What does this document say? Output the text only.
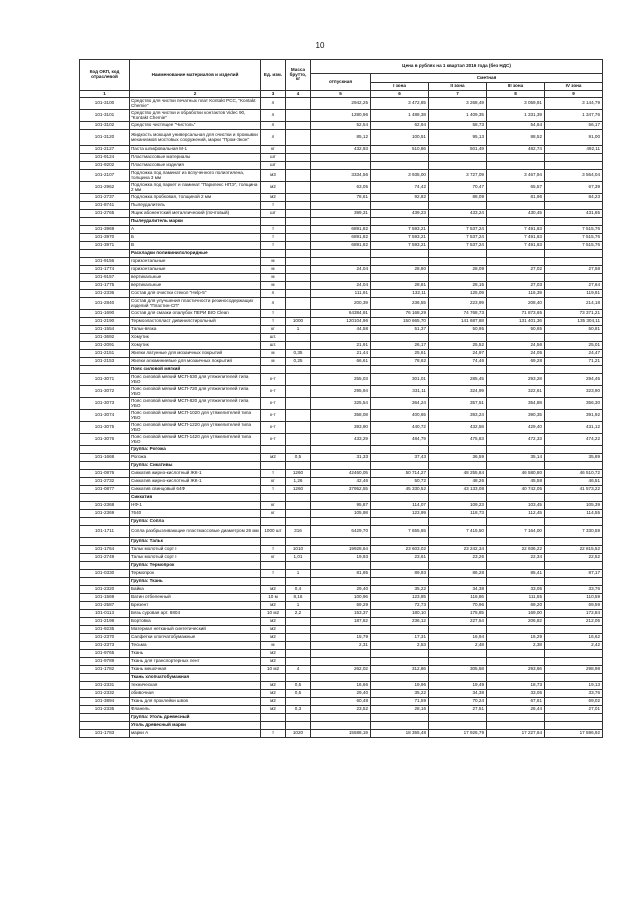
10
Код ОКП, код отраслевой	Наименование материалов и изделий	Ед. изм.	Масса брутто, кг	Цена в рублях на 1 квартал 2016 года (без НДС)				
				отпускная	Сметная			
					I зона	II зона	III зона	IV зона
1	2	3	4	5	6	7	8	9
101-3100	Средство для чистки печатных плат Kontakt PCC, "Kontakt Chemie"	л		2942,25	3 472,85	3 268,49	3 059,91	3 144,79
101-3101	Средство для чистки и обработки контактов Videc 90, "Kontakt Chemie"	л		1280,96	1 488,38	1 409,35	1 331,39	1 347,76
101-3102	Средство чистящее "Чистоль"	л		52,54	62,94	58,73	54,64	56,17
101-3120	Жидкость моющая универсальная для очистки и промывки механизмов мостовых сооружений, марки "Пром-Экон"	л		85,12	100,51	95,13	88,52	91,00
101-2127	Паста шлифовальная М-1	кг		432,93	510,86	501,49	482,74	492,11
101-9124	Пластмассовые материалы	шт						
101-9202	Пластмассовые изделия	шт						
101-2107	Подложка под ламинат из вспученного полиэтилена, толщина 3 мм	м3		3334,56	3 935,00	3 727,09	3 467,94	3 564,04
101-2962	Подложка под паркет и ламинат "Парилекс НПЭ", толщина 2 мм	м2		63,05	74,42	70,47	65,57	67,39
101-2737	Подложка пробковая, толщиной 2 мм	м2		78,61	92,82	88,09	81,96	84,23
101-8741	Пылеудалитель	т						
101-2765	Ящик абонентский металлический (почтовый)	шт		399,31	439,23	433,24	430,45	431,65
	Пылеудалитель марки							
101-3969	А	т		6891,82	7 593,21	7 537,24	7 491,63	7 515,76
101-3970	Б	т		6891,82	7 593,21	7 537,24	7 491,63	7 515,76
101-3971	В	т		6891,82	7 593,21	7 537,24	7 491,63	7 515,76
	Раскладки поливинилхлоридные							
101-9156	горизонтальные	м						
101-1774	горизонтальные	м		24,04	28,80	28,09	27,02	27,58
101-9157	вертикальные	м						
101-1775	вертикальные	м		24,04	28,81	28,15	27,03	27,64
101-2336	Состав для очистки стекол "Help-5"	л		111,91	132,11	125,09	116,39	119,61
101-2840	Состав для улучшения пластичности резиносодержащих изделий "Пластин-СП"	л		200,39	236,55	223,99	208,40	214,18
101-1690	Состав для смазки опалубок ПЕРИ BIO Clean	т		64384,91	76 168,29	74 768,73	71 873,65	73 371,21
101-2190	Термоэластопласт дивинилстирольный	т	1000	120104,96	150 665,70	141 687,88	131 401,36	135 304,11
101-1554	Тальк-вязка	кг	1	44,58	51,37	50,95	50,65	50,81
101-3692	Хомутик	шт.						
101-2091	Хомутик	шт.		21,91	26,17	25,52	24,56	25,01
101-2151	Жилки латунные для мозаичных покрытий	м	0,35	21,44	25,61	24,97	24,05	24,47
101-2153	Жилки алюминиевые для мозаичных покрытий	м	0,25	66,61	78,62	74,46	69,28	71,21
	Пояс силовой мягкий							
101-3071	Пояс силовой мягкий МСП-530 для утяжелителей типа УБО	к-т		255,03	301,01	285,45	293,28	294,45
101-3072	Пояс силовой мягкий МСП-720 для утяжелителей типа УБО	к-т		295,94	331,11	324,99	322,61	323,90
101-3073	Пояс силовой мягкий МСП-820 для утяжелителей типа УБО	к-т		325,54	364,24	357,51	354,88	356,30
101-3074	Пояс силовой мягкий МСП-1020 для утяжелителей типа УБО	к-т		358,08	400,65	393,24	390,35	391,92
101-3075	Пояс силовой мягкий МСП-1220 для утяжелителей типа УБО	к-т		393,90	440,72	432,58	429,40	431,12
101-3076	Пояс силовой мягкий МСП-1420 для утяжелителей типа УБО	к-т		433,29	484,79	475,83	472,33	474,22
	Группа: Рогожа							
101-1668	Рогожа	м2	0,5	31,33	37,43	36,59	35,14	35,89
	Группа: Сикативы							
101-0876	Сиккатив жирно-кислотный ЖК-1	т	1260	42460,05	50 714,27	48 255,84	46 580,80	46 510,72
101-2732	Сиккатив жирно-кислотный ЖК-1	кг	1,26	42,46	50,72	48,26	45,58	46,51
101-0877	Сиккатив свинцовый 64Ф	т	1260	37952,55	45 330,52	43 133,08	40 742,05	41 573,22
	Сиккатив							
101-2368	НФ-1	кг		95,87	114,07	109,23	103,45	105,39
101-2369	7640	кг		105,98	123,99	118,73	112,45	114,55
	Группа: Сопла							
101-1711	Сопла разбрызгивающие пластмассовые диаметром 26 мм	1000 шт	316	6429,70	7 655,65	7 415,50	7 164,00	7 330,59
	Группа: Тальк							
101-1764	Тальк молотый сорт I	т	1010	19928,64	23 603,02	23 242,34	22 936,22	22 815,52
101-2749	Тальк молотый сорт I	кг	1,01	19,93	23,61	23,26	22,34	22,52
	Группа: Термопрок							
101-0330	Термопрок	т	1	81,95	89,93	86,28	85,41	87,17
	Группа: Ткань							
101-2320	Байка	м2	0,4	29,40	35,22	34,38	33,05	33,76
101-1569	Ватин отбеленный	10 м	8,16	100,96	123,85	116,86	111,55	110,59
101-2587	Брезент	м2	1	59,29	72,73	70,96	69,20	69,59
101-0113	Бязь суровая арт. 6804	10 м2	2,2	153,37	180,10	175,85	169,00	172,84
101-2198	Бортовка	м2		187,62	236,12	227,54	206,82	212,05
101-9235	Материал нетканый синтетический	м2						
101-2370	Салфетки хлопчатобумажные	м2		15,79	17,31	16,94	16,29	16,62
101-2373	Тесьма	м		2,31	2,53	2,48	2,38	2,42
101-9765	Ткань	м2						
101-9789	Ткань для транспортерных лент	м2						
101-1782	Ткань мешочная	10 м2	4	262,02	312,86	305,58	293,66	298,98
	Ткань хлопчатобумажная							
101-2331	техническая	м2	0,5	16,66	19,96	19,49	18,73	19,13
101-2332	обивочная	м2	0,5	29,40	35,22	34,38	33,05	33,76
101-3894	Ткань для проклейки швов	м2		60,48	71,59	70,24	67,61	69,02
101-2335	Фланель	м2	0,3	23,52	28,16	27,51	26,44	27,01
	Группа: Уголь древесный							
	Уголь древесный марки							
101-1783	марки А	т	1020	15588,19	18 355,48	17 926,79	17 227,64	17 596,92
